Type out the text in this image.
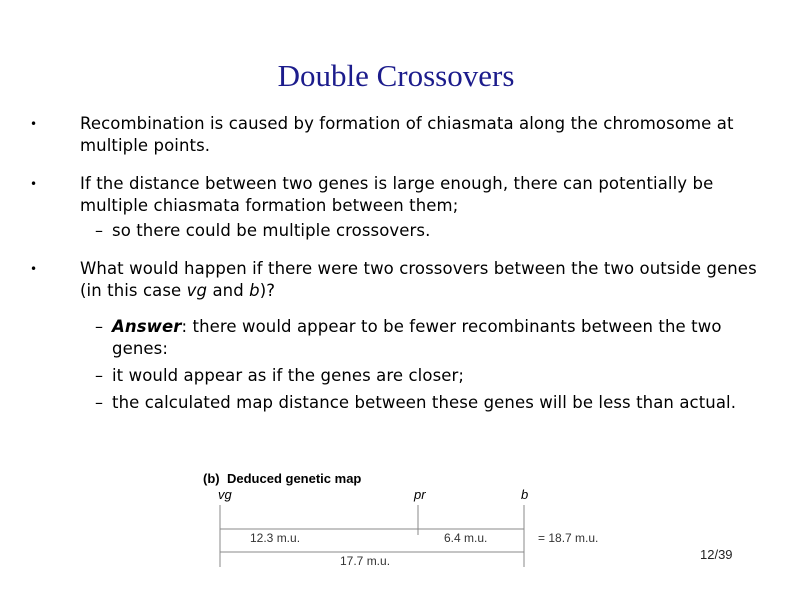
Double Crossovers
•	Recombination is caused by formation of chiasmata along the chromosome at multiple points.
•	If the distance between two genes is large enough, there can potentially be multiple chiasmata formation between them;
– so there could be multiple crossovers.
•	What would happen if there were two crossovers between the two outside genes (in this case vg and b)?
– Answer: there would appear to be fewer recombinants between the two genes:
– it would appear as if the genes are closer;
– the calculated map distance between these genes will be less than actual.
(b) Deduced genetic map
vg	pr	b
12.3 m.u.	6.4 m.u.	= 18.7 m.u.
17.7 m.u.	12/39
